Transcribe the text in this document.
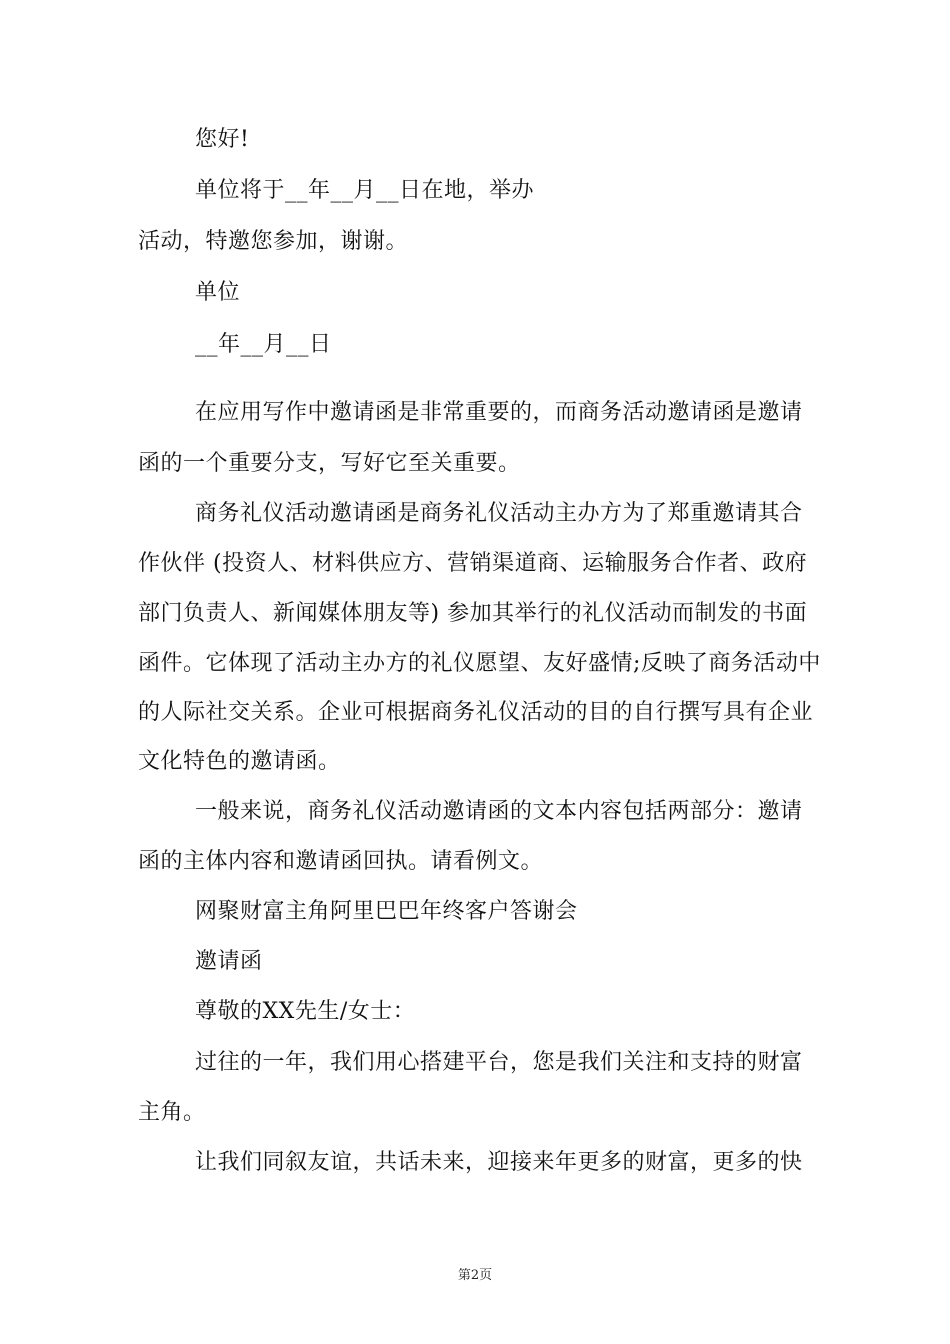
您好!
单位将于__年__月__日在地，举办
活动，特邀您参加，谢谢。
单位
__年__月__日
在应用写作中邀请函是非常重要的，而商务活动邀请函是邀请
函的一个重要分支，写好它至关重要。
商务礼仪活动邀请函是商务礼仪活动主办方为了郑重邀请其合
作伙伴 (投资人、材料供应方、营销渠道商、运输服务合作者、政府
部门负责人、新闻媒体朋友等) 参加其举行的礼仪活动而制发的书面
函件。它体现了活动主办方的礼仪愿望、友好盛情;反映了商务活动中
的人际社交关系。企业可根据商务礼仪活动的目的自行撰写具有企业
文化特色的邀请函。
一般来说，商务礼仪活动邀请函的文本内容包括两部分：邀请
函的主体内容和邀请函回执。请看例文。
网聚财富主角阿里巴巴年终客户答谢会
邀请函
尊敬的XX先生/女士：
过往的一年，我们用心搭建平台，您是我们关注和支持的财富
主角。
让我们同叙友谊，共话未来，迎接来年更多的财富，更多的快
第2页
